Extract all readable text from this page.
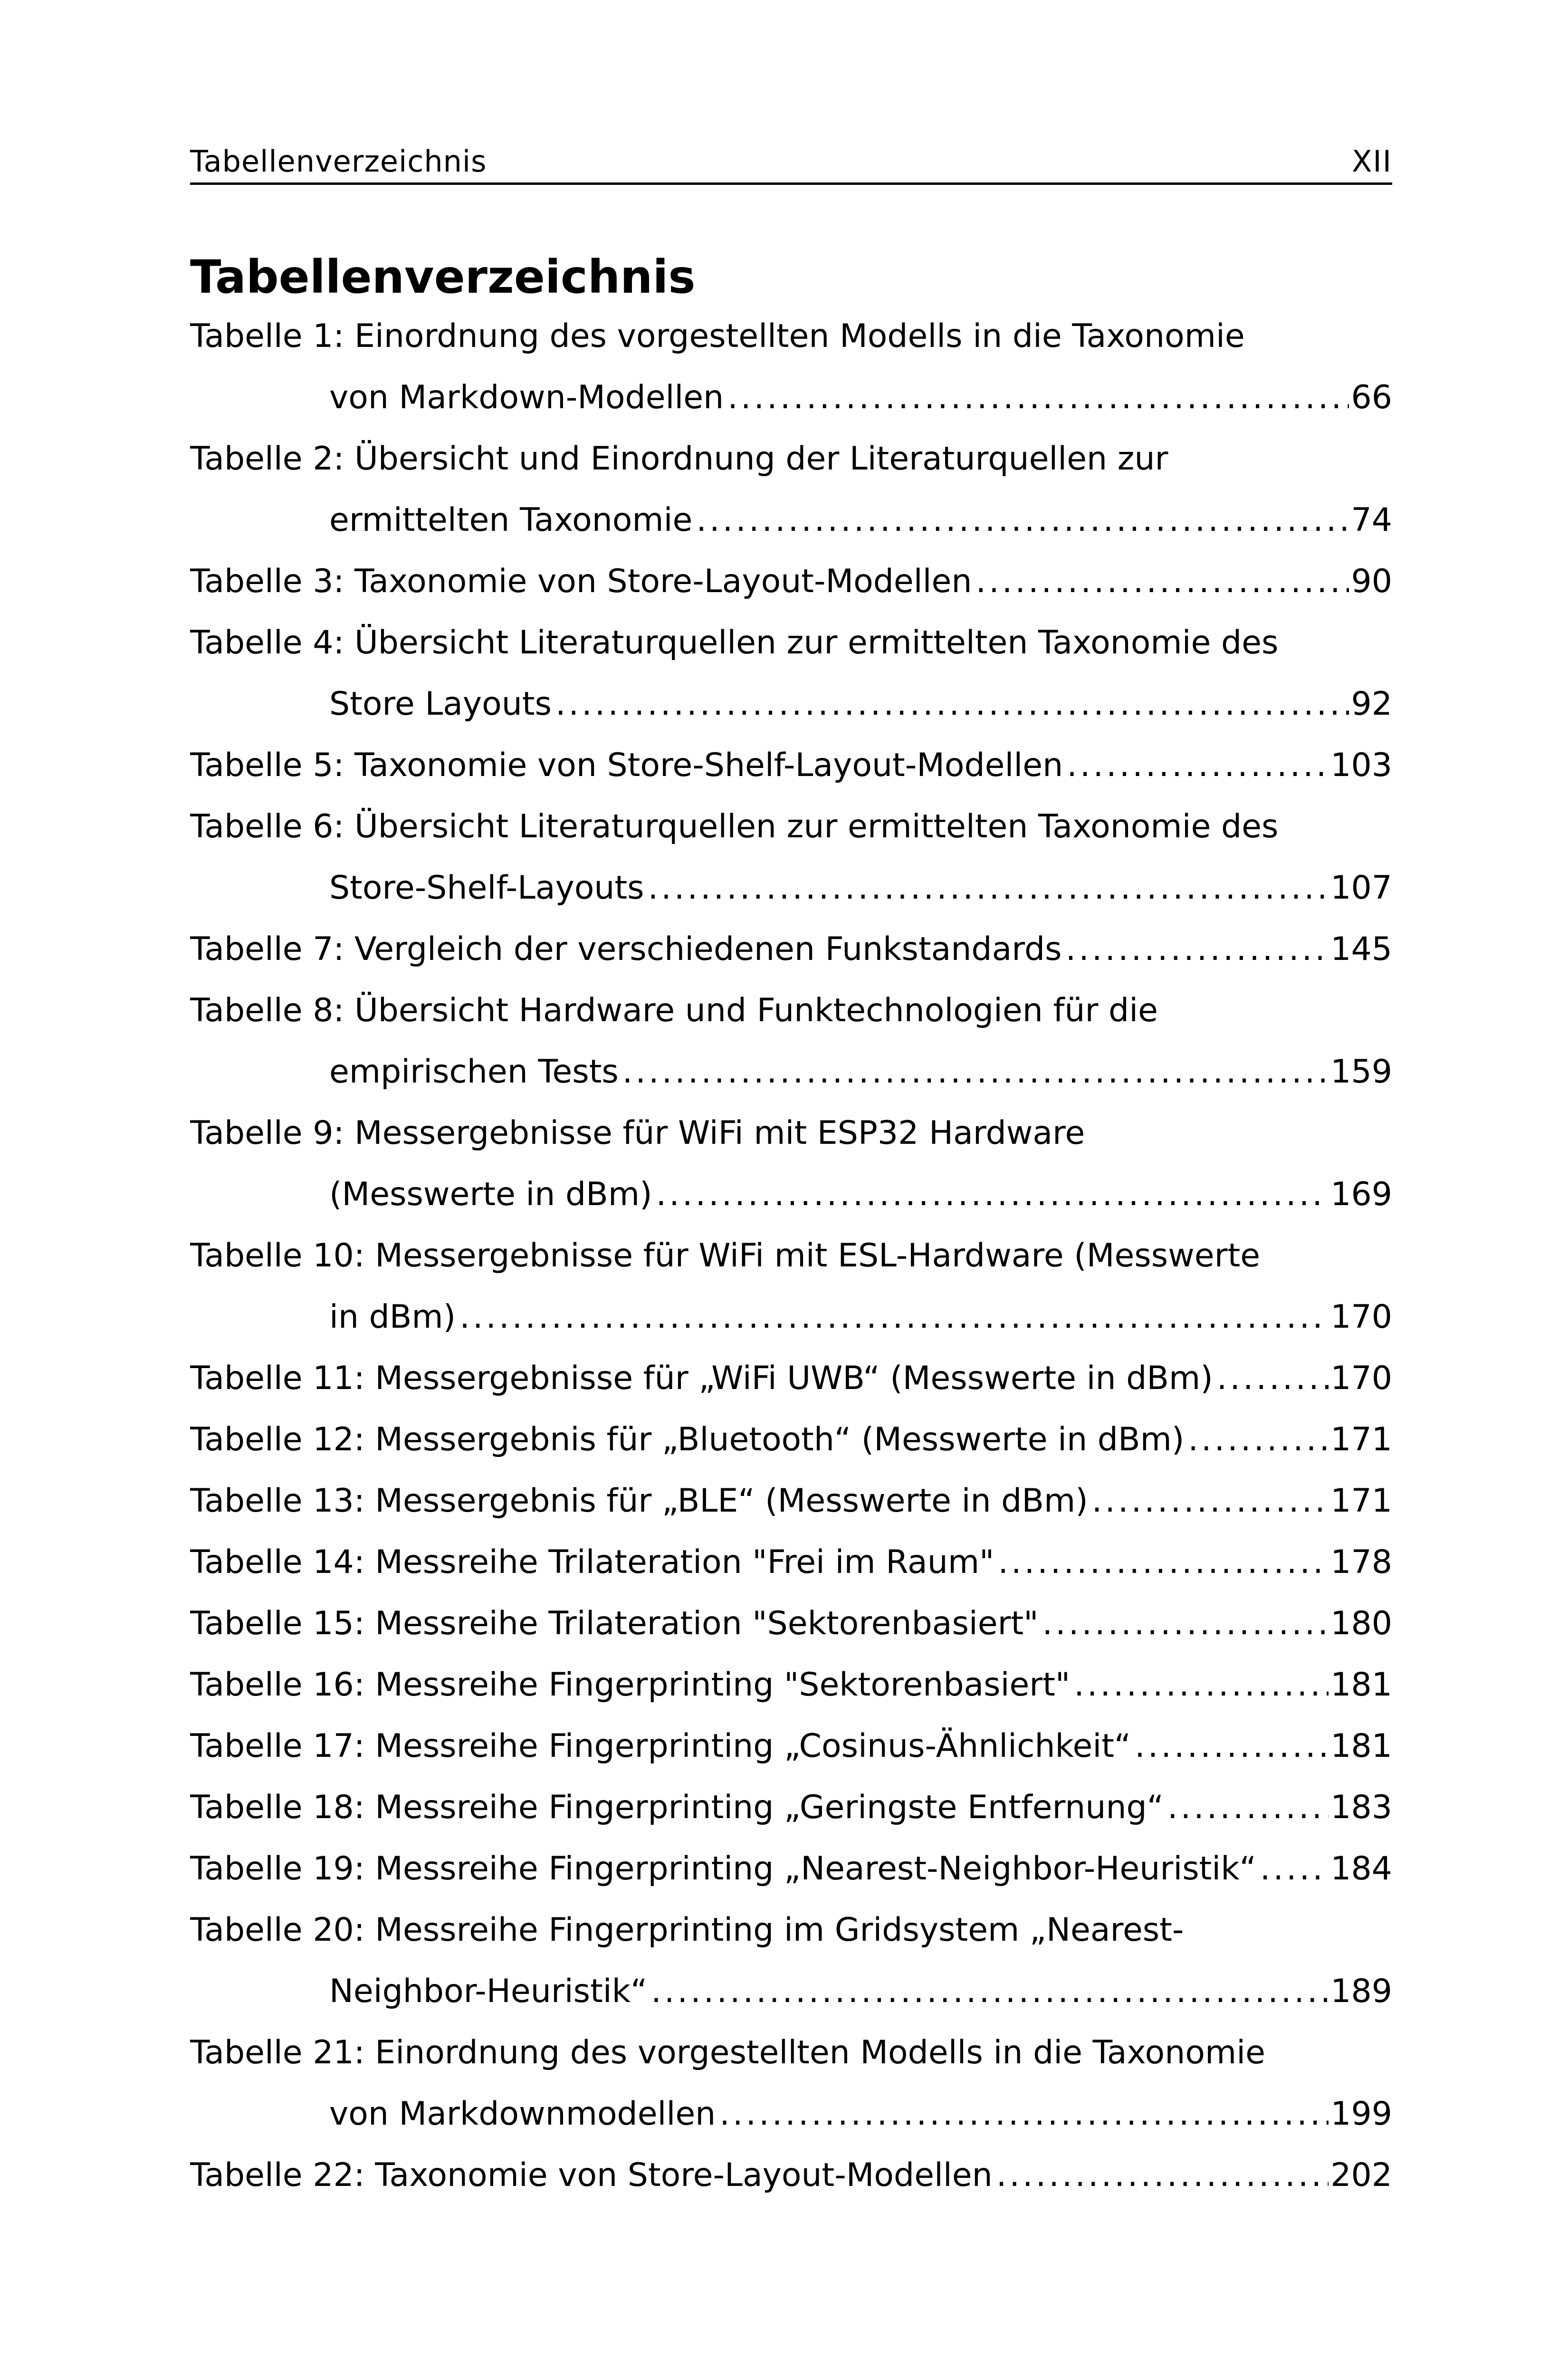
Tabellenverzeichnis	XII
Tabellenverzeichnis
Tabelle 1: Einordnung des vorgestellten Modells in die Taxonomie
von Markdown-Modellen .....	66
Tabelle 2: Übersicht und Einordnung der Literaturquellen zur
ermittelten Taxonomie .....	74
Tabelle 3: Taxonomie von Store-Layout-Modellen .....	90
Tabelle 4: Übersicht Literaturquellen zur ermittelten Taxonomie des
Store Layouts .....	92
Tabelle 5: Taxonomie von Store-Shelf-Layout-Modellen .....	103
Tabelle 6: Übersicht Literaturquellen zur ermittelten Taxonomie des
Store-Shelf-Layouts .....	107
Tabelle 7: Vergleich der verschiedenen Funkstandards .....	145
Tabelle 8: Übersicht Hardware und Funktechnologien für die
empirischen Tests .....	159
Tabelle 9: Messergebnisse für WiFi mit ESP32 Hardware
(Messwerte in dBm) .....	169
Tabelle 10: Messergebnisse für WiFi mit ESL-Hardware (Messwerte
in dBm) .....	170
Tabelle 11: Messergebnisse für „WiFi UWB“ (Messwerte in dBm) .....	170
Tabelle 12: Messergebnis für „Bluetooth“ (Messwerte in dBm) .....	171
Tabelle 13: Messergebnis für „BLE“ (Messwerte in dBm) .....	171
Tabelle 14: Messreihe Trilateration "Frei im Raum" .....	178
Tabelle 15: Messreihe Trilateration "Sektorenbasiert" .....	180
Tabelle 16: Messreihe Fingerprinting "Sektorenbasiert" .....	181
Tabelle 17: Messreihe Fingerprinting „Cosinus-Ähnlichkeit“ .....	181
Tabelle 18: Messreihe Fingerprinting „Geringste Entfernung“ .....	183
Tabelle 19: Messreihe Fingerprinting „Nearest-Neighbor-Heuristik“ ..... 184
Tabelle 20: Messreihe Fingerprinting im Gridsystem „Nearest-
Neighbor-Heuristik“ .....	189
Tabelle 21: Einordnung des vorgestellten Modells in die Taxonomie
von Markdownmodellen .....	199
Tabelle 22: Taxonomie von Store-Layout-Modellen .....	202
